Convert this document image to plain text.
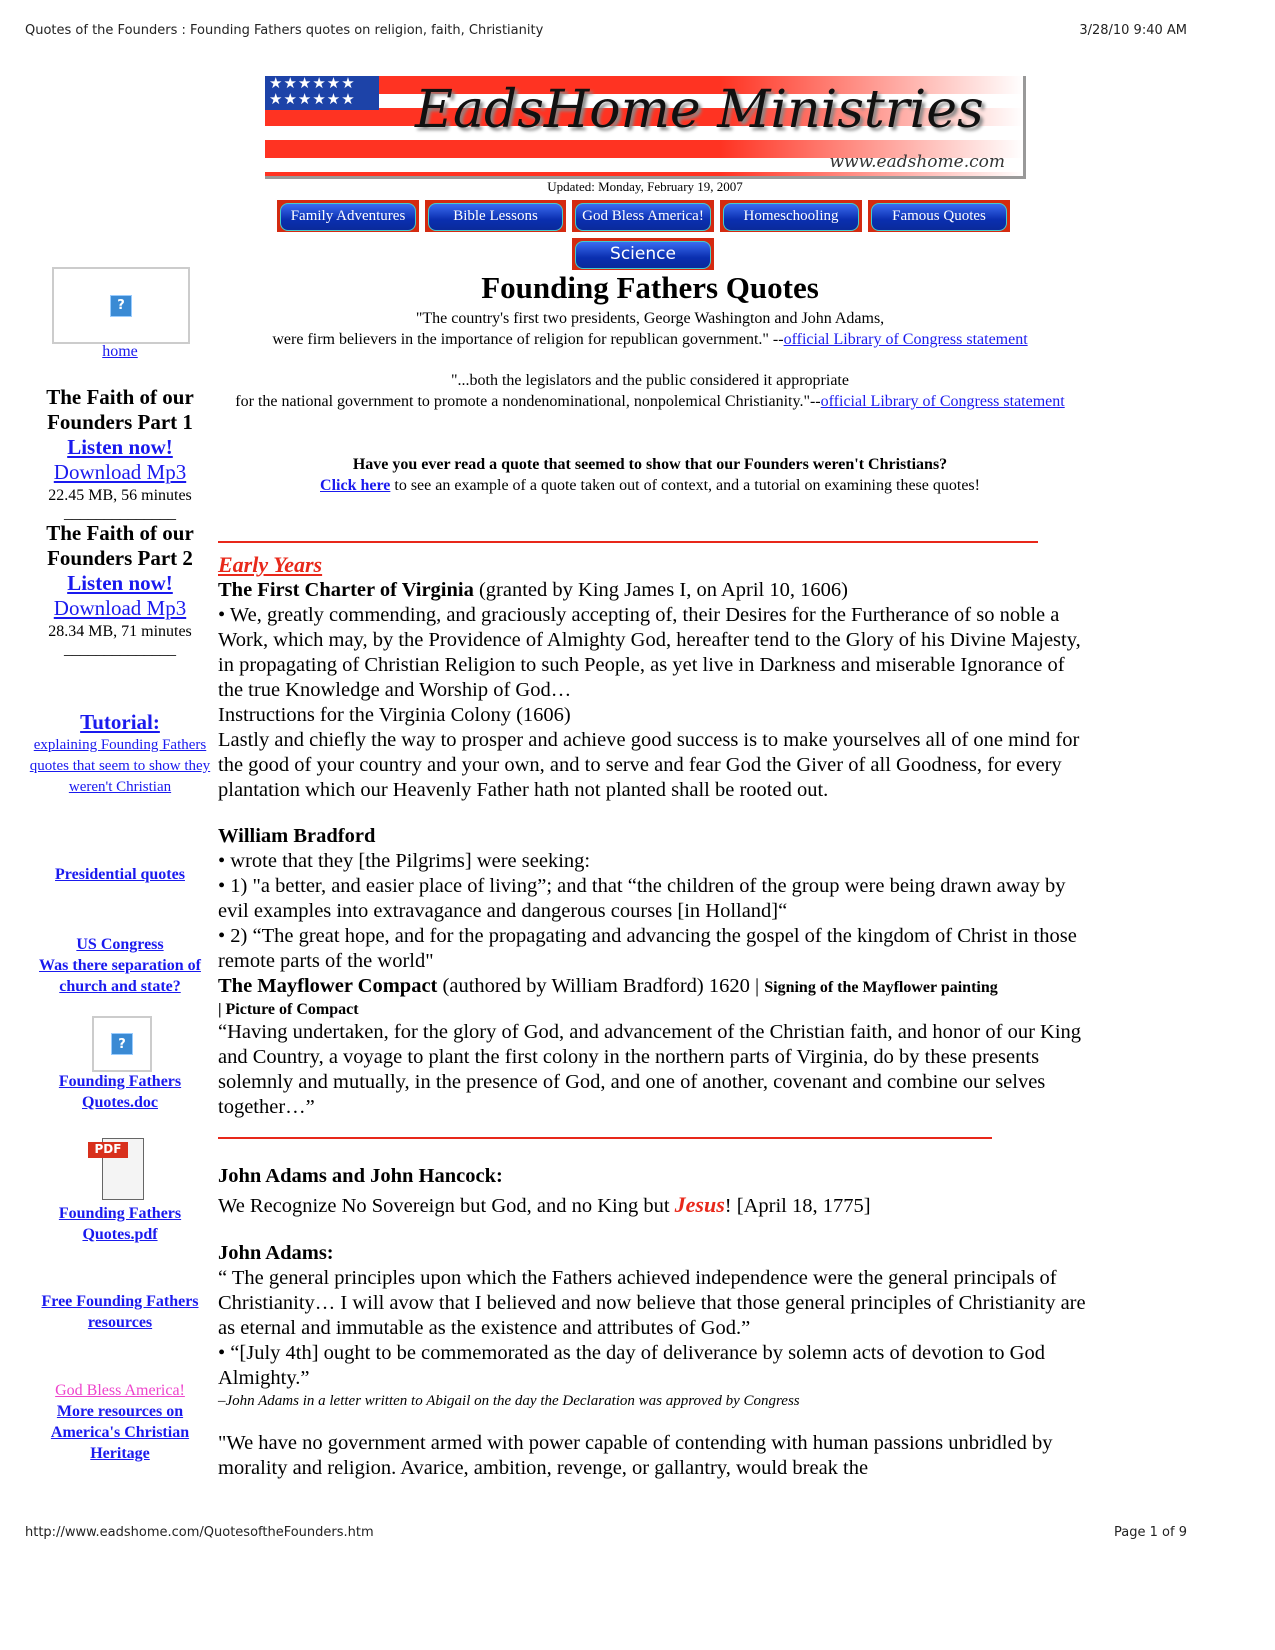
Quotes of the Founders : Founding Fathers quotes on religion, faith, Christianity	3/28/10 9:40 AM
★★★★★★ ★★★★★★	EadsHome Ministries
www.eadshome.com
Updated: Monday, February 19, 2007
Family Adventures	Bible Lessons	God Bless America!	Homeschooling	Famous Quotes
Science
?
home
The Faith of our Founders Part 1
Listen now!
Download Mp3
22.45 MB, 56 minutes
______________
The Faith of our Founders Part 2
Listen now!
Download Mp3
28.34 MB, 71 minutes
______________
Tutorial:
explaining Founding Fathers quotes that seem to show they weren't Christian
Presidential quotes
US Congress
Was there separation of church and state?
?
Founding Fathers Quotes.doc
PDF
Founding Fathers Quotes.pdf
Free Founding Fathers resources
God Bless America!
More resources on America's Christian Heritage
Founding Fathers Quotes
"The country's first two presidents, George Washington and John Adams,
were firm believers in the importance of religion for republican government." --official Library of Congress statement
"...both the legislators and the public considered it appropriate
for the national government to promote a nondenominational, nonpolemical Christianity."--official Library of Congress statement
Have you ever read a quote that seemed to show that our Founders weren't Christians?
Click here to see an example of a quote taken out of context, and a tutorial on examining these quotes!
Early Years
The First Charter of Virginia (granted by King James I, on April 10, 1606)
• We, greatly commending, and graciously accepting of, their Desires for the Furtherance of so noble a Work, which may, by the Providence of Almighty God, hereafter tend to the Glory of his Divine Majesty, in propagating of Christian Religion to such People, as yet live in Darkness and miserable Ignorance of the true Knowledge and Worship of God…
Instructions for the Virginia Colony (1606)
Lastly and chiefly the way to prosper and achieve good success is to make yourselves all of one mind for the good of your country and your own, and to serve and fear God the Giver of all Goodness, for every plantation which our Heavenly Father hath not planted shall be rooted out.
William Bradford
• wrote that they [the Pilgrims] were seeking:
• 1) "a better, and easier place of living”; and that “the children of the group were being drawn away by evil examples into extravagance and dangerous courses [in Holland]“
• 2) “The great hope, and for the propagating and advancing the gospel of the kingdom of Christ in those remote parts of the world"
The Mayflower Compact (authored by William Bradford) 1620 | Signing of the Mayflower painting
| Picture of Compact
“Having undertaken, for the glory of God, and advancement of the Christian faith, and honor of our King and Country, a voyage to plant the first colony in the northern parts of Virginia, do by these presents solemnly and mutually, in the presence of God, and one of another, covenant and combine our selves together…”
John Adams and John Hancock:
We Recognize No Sovereign but God, and no King but Jesus! [April 18, 1775]
John Adams:
“ The general principles upon which the Fathers achieved independence were the general principals of Christianity… I will avow that I believed and now believe that those general principles of Christianity are as eternal and immutable as the existence and attributes of God.”
• “[July 4th] ought to be commemorated as the day of deliverance by solemn acts of devotion to God Almighty.”
–John Adams in a letter written to Abigail on the day the Declaration was approved by Congress
"We have no government armed with power capable of contending with human passions unbridled by morality and religion. Avarice, ambition, revenge, or gallantry, would break the
http://www.eadshome.com/QuotesoftheFounders.htm	Page 1 of 9
